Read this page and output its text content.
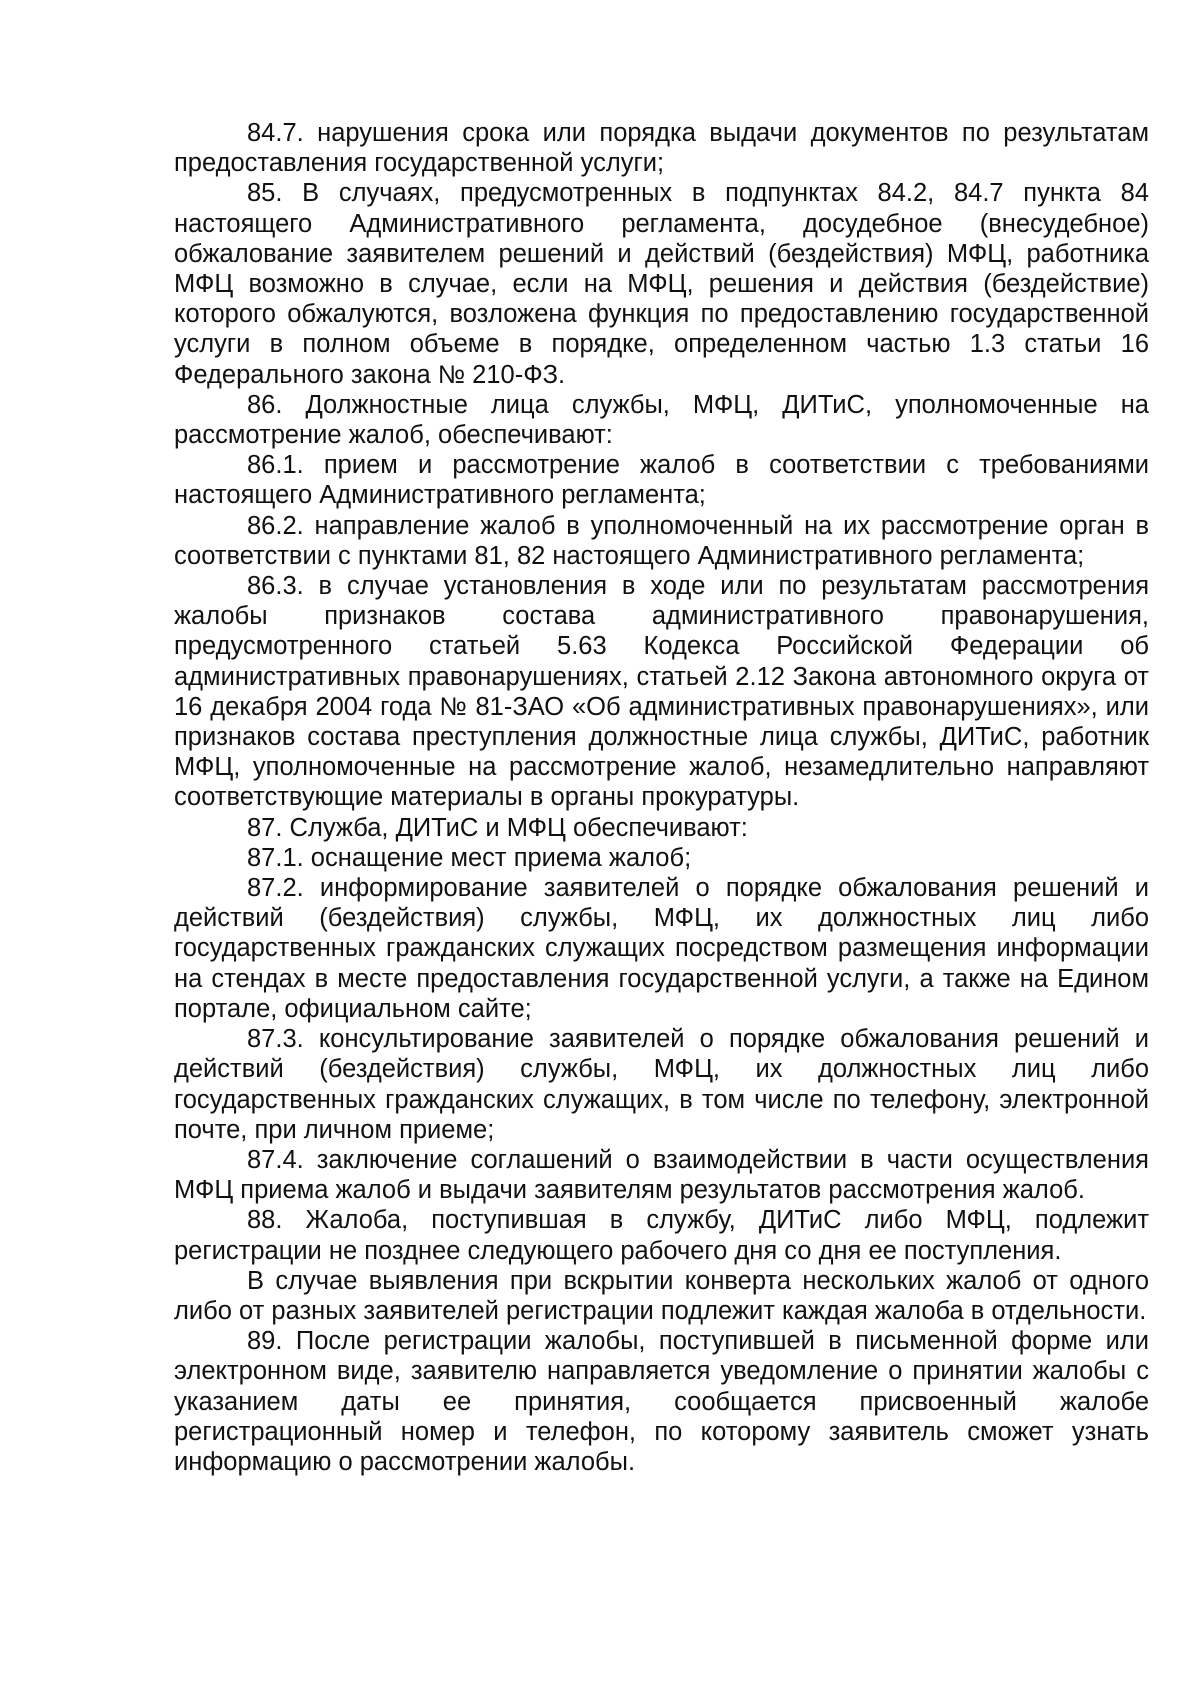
84.7. нарушения срока или порядка выдачи документов по результатам предоставления государственной услуги;

85. В случаях, предусмотренных в подпунктах 84.2, 84.7 пункта 84 настоящего Административного регламента, досудебное (внесудебное) обжалование заявителем решений и действий (бездействия) МФЦ, работника МФЦ возможно в случае, если на МФЦ, решения и действия (бездействие) которого обжалуются, возложена функция по предоставлению государственной услуги в полном объеме в порядке, определенном частью 1.3 статьи 16 Федерального закона № 210-ФЗ.

86. Должностные лица службы, МФЦ, ДИТиС, уполномоченные на рассмотрение жалоб, обеспечивают:

86.1. прием и рассмотрение жалоб в соответствии с требованиями настоящего Административного регламента;

86.2. направление жалоб в уполномоченный на их рассмотрение орган в соответствии с пунктами 81, 82 настоящего Административного регламента;

86.3. в случае установления в ходе или по результатам рассмотрения жалобы признаков состава административного правонарушения, предусмотренного статьей 5.63 Кодекса Российской Федерации об административных правонарушениях, статьей 2.12 Закона автономного округа от 16 декабря 2004 года № 81-ЗАО «Об административных правонарушениях», или признаков состава преступления должностные лица службы, ДИТиС, работник МФЦ, уполномоченные на рассмотрение жалоб, незамедлительно направляют соответствующие материалы в органы прокуратуры.

87. Служба, ДИТиС и МФЦ обеспечивают:

87.1. оснащение мест приема жалоб;

87.2. информирование заявителей о порядке обжалования решений и действий (бездействия) службы, МФЦ, их должностных лиц либо государственных гражданских служащих посредством размещения информации на стендах в месте предоставления государственной услуги, а также на Едином портале, официальном сайте;

87.3. консультирование заявителей о порядке обжалования решений и действий (бездействия) службы, МФЦ, их должностных лиц либо государственных гражданских служащих, в том числе по телефону, электронной почте, при личном приеме;

87.4. заключение соглашений о взаимодействии в части осуществления МФЦ приема жалоб и выдачи заявителям результатов рассмотрения жалоб.

88. Жалоба, поступившая в службу, ДИТиС либо МФЦ, подлежит регистрации не позднее следующего рабочего дня со дня ее поступления.

В случае выявления при вскрытии конверта нескольких жалоб от одного либо от разных заявителей регистрации подлежит каждая жалоба в отдельности.

89. После регистрации жалобы, поступившей в письменной форме или электронном виде, заявителю направляется уведомление о принятии жалобы с указанием даты ее принятия, сообщается присвоенный жалобе регистрационный номер и телефон, по которому заявитель сможет узнать информацию о рассмотрении жалобы.
